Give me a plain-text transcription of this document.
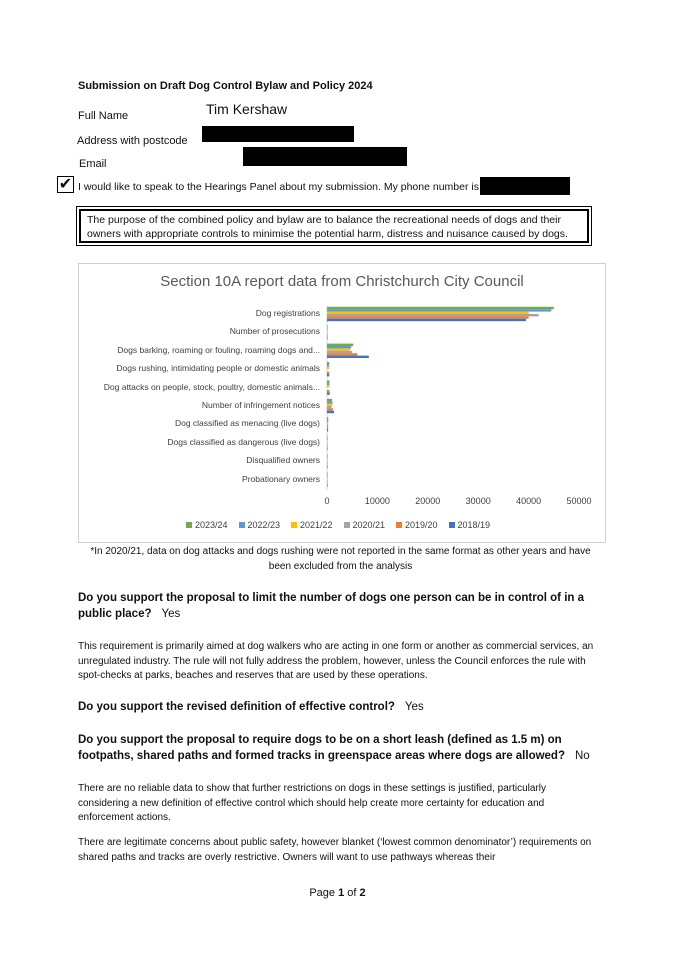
Submission on Draft Dog Control Bylaw and Policy 2024
Full Name	Tim Kershaw
Address with postcode
Email
✔ I would like to speak to the Hearings Panel about my submission. My phone number is
The purpose of the combined policy and bylaw are to balance the recreational needs of dogs and their owners with appropriate controls to minimise the potential harm, distress and nuisance caused by dogs.
Section 10A report data from Christchurch City Council
Dog registrations
Number of prosecutions
Dogs barking, roaming or fouling, roaming dogs and...
Dogs rushing, intimidating people or domestic animals
Dog attacks on people, stock, poultry, domestic animals...
Number of infringement notices
Dog classified as menacing (live dogs)
Dogs classified as dangerous (live dogs)
Disqualified owners
Probationary owners
0	10000	20000	30000	40000	50000
2023/24	2022/23	2021/22	2020/21	2019/20	2018/19
*In 2020/21, data on dog attacks and dogs rushing were not reported in the same format as other years and have been excluded from the analysis
Do you support the proposal to limit the number of dogs one person can be in control of in a public place? Yes
This requirement is primarily aimed at dog walkers who are acting in one form or another as commercial services, an unregulated industry. The rule will not fully address the problem, however, unless the Council enforces the rule with spot-checks at parks, beaches and reserves that are used by these operations.
Do you support the revised definition of effective control? Yes
Do you support the proposal to require dogs to be on a short leash (defined as 1.5 m) on footpaths, shared paths and formed tracks in greenspace areas where dogs are allowed? No
There are no reliable data to show that further restrictions on dogs in these settings is justified, particularly considering a new definition of effective control which should help create more certainty for education and enforcement actions.
There are legitimate concerns about public safety, however blanket (‘lowest common denominator’) requirements on shared paths and tracks are overly restrictive. Owners will want to use pathways whereas their
Page 1 of 2
